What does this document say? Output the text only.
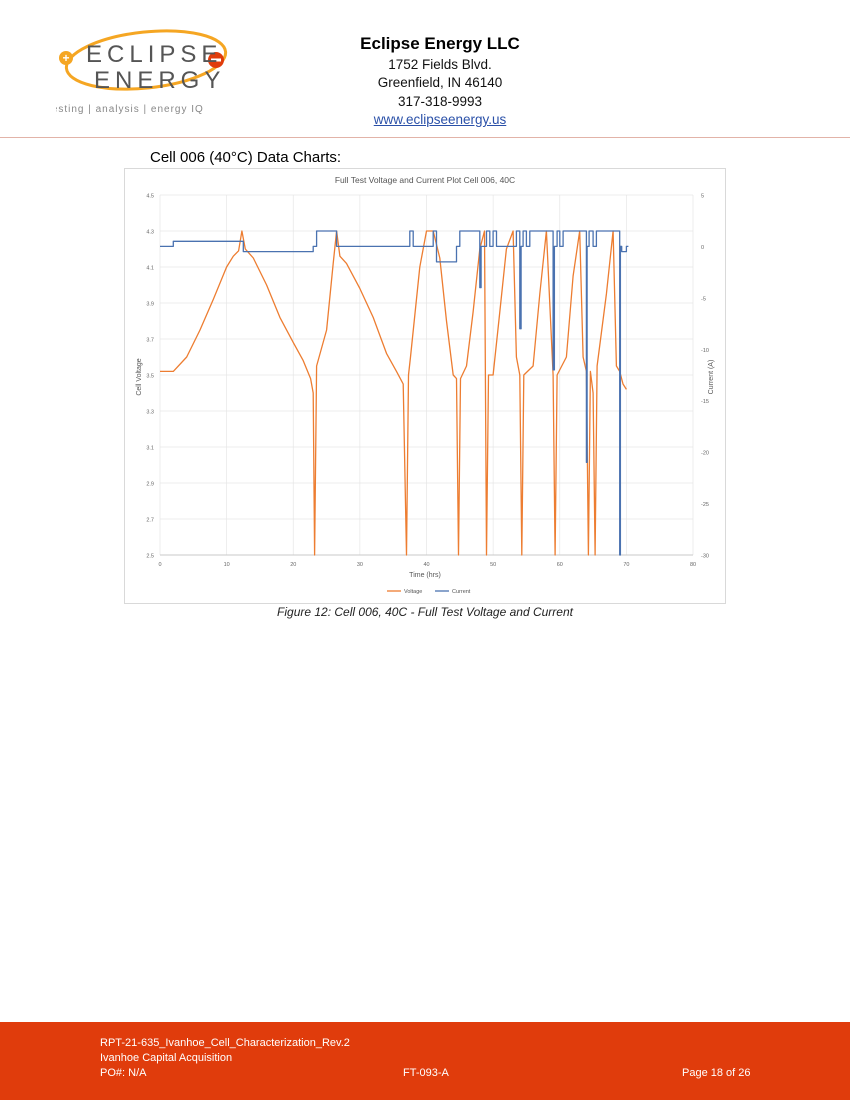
+ ECLIPSE
ENERGY
testing | analysis | energy IQ
Eclipse Energy LLC
1752 Fields Blvd.
Greenfield, IN 46140
317-318-9993
www.eclipseenergy.us
Cell 006 (40°C) Data Charts:
Full Test Voltage and Current Plot Cell 006, 40C
4.5
4.3
4.1
3.9
3.7
3.5
3.3
3.1
2.9
2.7
2.5
5
0
-5
-10
-15
-20
-25
-30
0	10	20	30	40	50	60	70	80
Time (hrs)
Cell Voltage	Current (A)
Voltage	Current
Figure 12: Cell 006, 40C - Full Test Voltage and Current
RPT-21-635_Ivanhoe_Cell_Characterization_Rev.2
Ivanhoe Capital Acquisition
PO#: N/A	FT-093-A	Page 18 of 26
